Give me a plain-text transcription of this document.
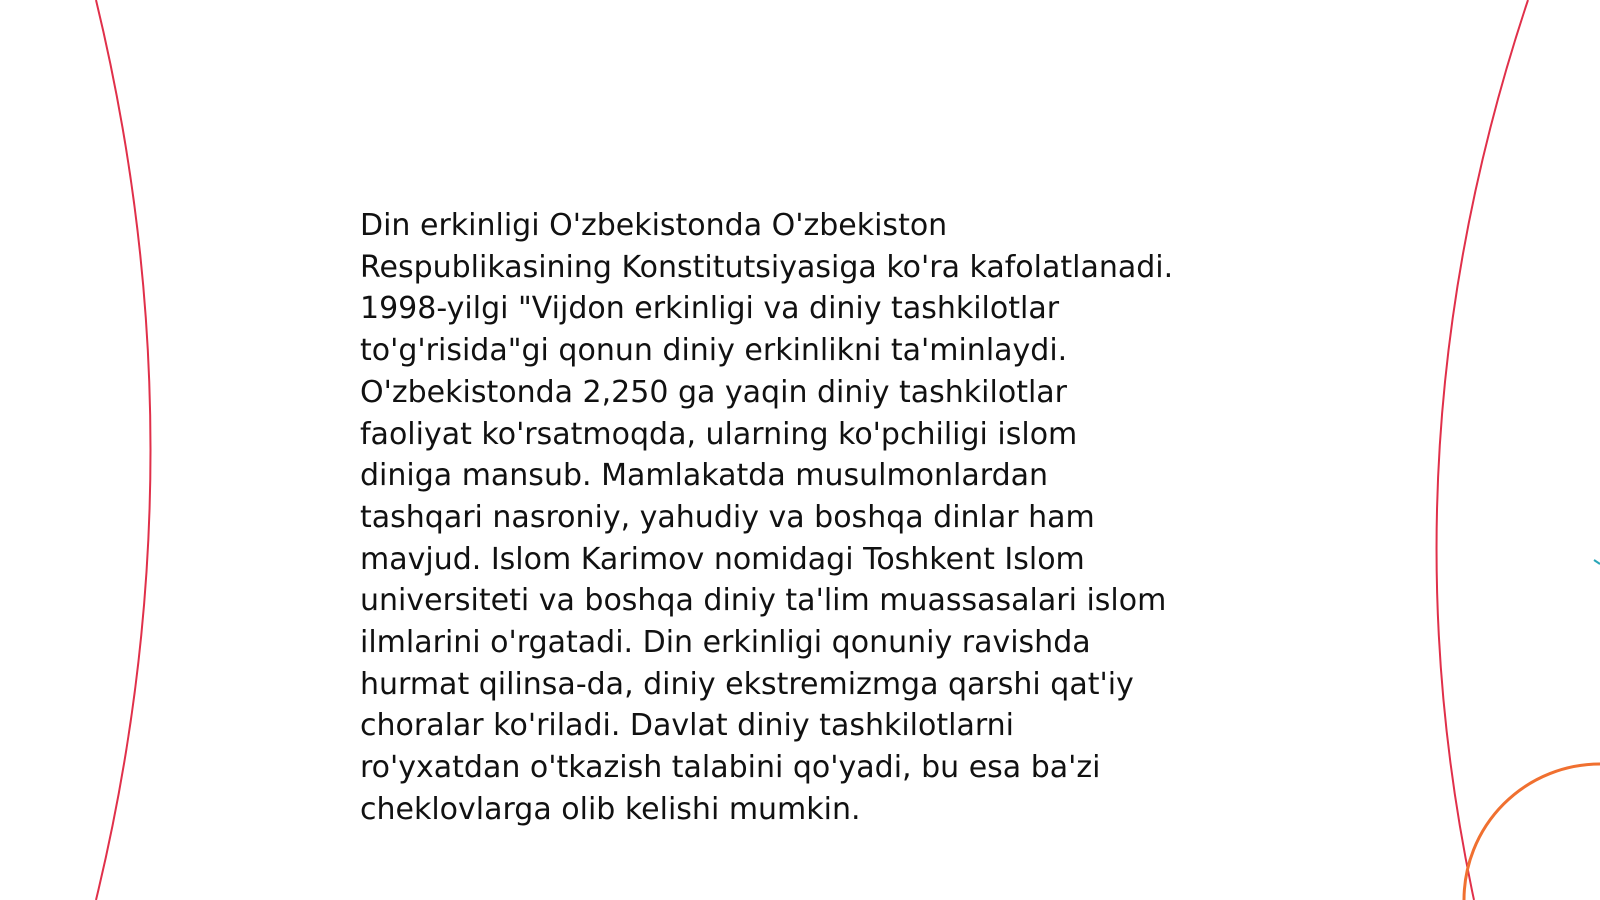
Din erkinligi O'zbekistonda O'zbekiston
Respublikasining Konstitutsiyasiga ko'ra kafolatlanadi.
1998-yilgi "Vijdon erkinligi va diniy tashkilotlar
to'g'risida"gi qonun diniy erkinlikni ta'minlaydi.
O'zbekistonda 2,250 ga yaqin diniy tashkilotlar
faoliyat ko'rsatmoqda, ularning ko'pchiligi islom
diniga mansub. Mamlakatda musulmonlardan
tashqari nasroniy, yahudiy va boshqa dinlar ham
mavjud. Islom Karimov nomidagi Toshkent Islom
universiteti va boshqa diniy ta'lim muassasalari islom
ilmlarini o'rgatadi. Din erkinligi qonuniy ravishda
hurmat qilinsa-da, diniy ekstremizmga qarshi qat'iy
choralar ko'riladi. Davlat diniy tashkilotlarni
ro'yxatdan o'tkazish talabini qo'yadi, bu esa ba'zi
cheklovlarga olib kelishi mumkin.
